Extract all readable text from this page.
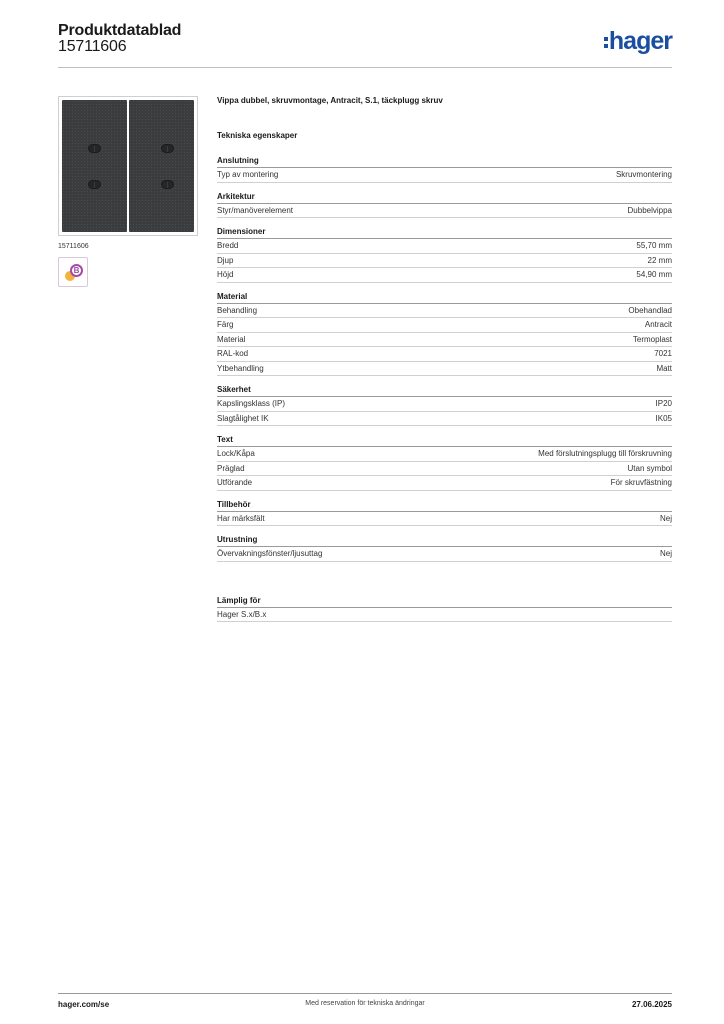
Produktdatablad
15711606	hager
15711606
B
Vippa dubbel, skruvmontage, Antracit, S.1, täckplugg skruv
Tekniska egenskaper
Anslutning
Typ av montering	Skruvmontering
Arkitektur
Styr/manöverelement	Dubbelvippa
Dimensioner
Bredd	55,70 mm
Djup	22 mm
Höjd	54,90 mm
Material
Behandling	Obehandlad
Färg	Antracit
Material	Termoplast
RAL-kod	7021
Ytbehandling	Matt
Säkerhet
Kapslingsklass (IP)	IP20
Slagtålighet IK	IK05
Text
Lock/Kåpa	Med förslutningsplugg till förskruvning
Präglad	Utan symbol
Utförande	För skruvfästning
Tillbehör
Har märksfält	Nej
Utrustning
Övervakningsfönster/ljusuttag	Nej
Lämplig för
Hager S.x/B.x
hager.com/se	Med reservation för tekniska ändringar	27.06.2025
